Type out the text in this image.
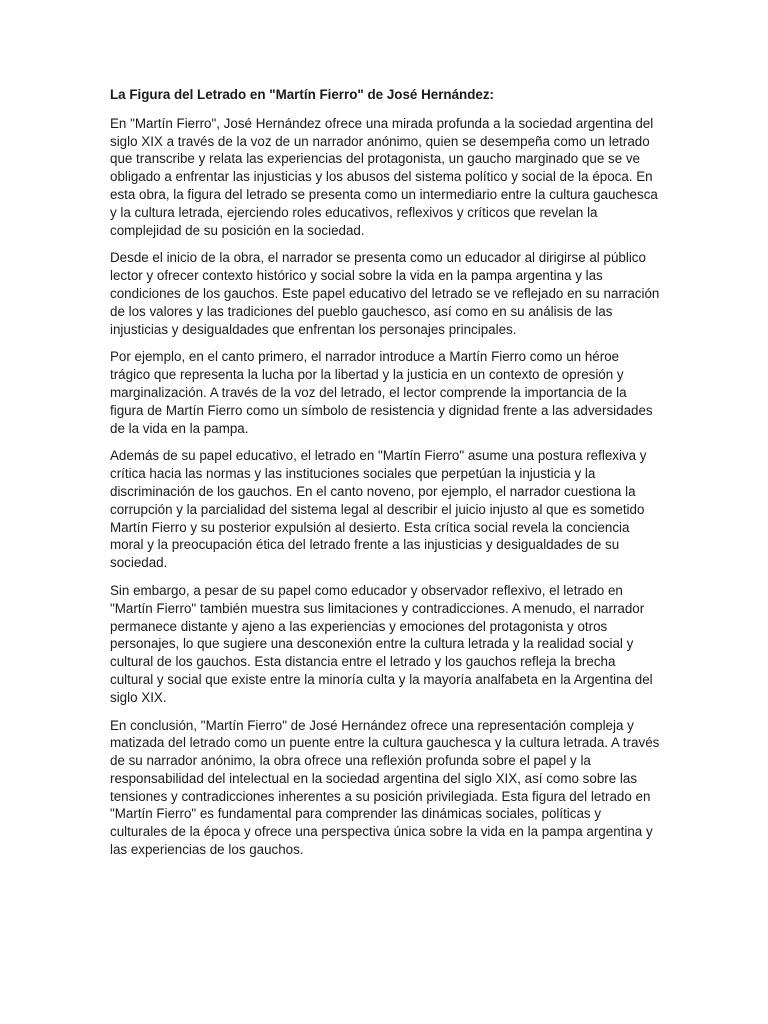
La Figura del Letrado en "Martín Fierro" de José Hernández:

En "Martín Fierro", José Hernández ofrece una mirada profunda a la sociedad argentina del siglo XIX a través de la voz de un narrador anónimo, quien se desempeña como un letrado que transcribe y relata las experiencias del protagonista, un gaucho marginado que se ve obligado a enfrentar las injusticias y los abusos del sistema político y social de la época. En esta obra, la figura del letrado se presenta como un intermediario entre la cultura gauchesca y la cultura letrada, ejerciendo roles educativos, reflexivos y críticos que revelan la complejidad de su posición en la sociedad.

Desde el inicio de la obra, el narrador se presenta como un educador al dirigirse al público lector y ofrecer contexto histórico y social sobre la vida en la pampa argentina y las condiciones de los gauchos. Este papel educativo del letrado se ve reflejado en su narración de los valores y las tradiciones del pueblo gauchesco, así como en su análisis de las injusticias y desigualdades que enfrentan los personajes principales.

Por ejemplo, en el canto primero, el narrador introduce a Martín Fierro como un héroe trágico que representa la lucha por la libertad y la justicia en un contexto de opresión y marginalización. A través de la voz del letrado, el lector comprende la importancia de la figura de Martín Fierro como un símbolo de resistencia y dignidad frente a las adversidades de la vida en la pampa.

Además de su papel educativo, el letrado en "Martín Fierro" asume una postura reflexiva y crítica hacia las normas y las instituciones sociales que perpetúan la injusticia y la discriminación de los gauchos. En el canto noveno, por ejemplo, el narrador cuestiona la corrupción y la parcialidad del sistema legal al describir el juicio injusto al que es sometido Martín Fierro y su posterior expulsión al desierto. Esta crítica social revela la conciencia moral y la preocupación ética del letrado frente a las injusticias y desigualdades de su sociedad.

Sin embargo, a pesar de su papel como educador y observador reflexivo, el letrado en "Martín Fierro" también muestra sus limitaciones y contradicciones. A menudo, el narrador permanece distante y ajeno a las experiencias y emociones del protagonista y otros personajes, lo que sugiere una desconexión entre la cultura letrada y la realidad social y cultural de los gauchos. Esta distancia entre el letrado y los gauchos refleja la brecha cultural y social que existe entre la minoría culta y la mayoría analfabeta en la Argentina del siglo XIX.

En conclusión, "Martín Fierro" de José Hernández ofrece una representación compleja y matizada del letrado como un puente entre la cultura gauchesca y la cultura letrada. A través de su narrador anónimo, la obra ofrece una reflexión profunda sobre el papel y la responsabilidad del intelectual en la sociedad argentina del siglo XIX, así como sobre las tensiones y contradicciones inherentes a su posición privilegiada. Esta figura del letrado en "Martín Fierro" es fundamental para comprender las dinámicas sociales, políticas y culturales de la época y ofrece una perspectiva única sobre la vida en la pampa argentina y las experiencias de los gauchos.
